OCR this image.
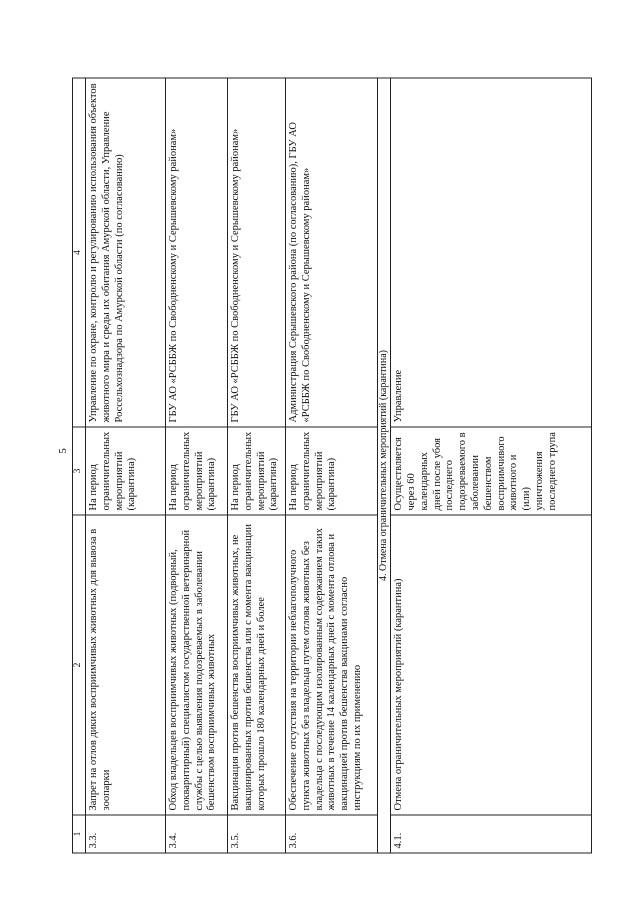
5
1	2	3	4
3.3.	Запрет на отлов диких восприимчивых животных для вывоза в зоопарки	На период ограничительных мероприятий (карантина)	Управление по охране, контролю и регулированию использования объектов животного мира и среды их обитания Амурской области, Управление Россельхознадзора по Амурской области (по согласованию)
3.4.	Обход владельцев восприимчивых животных (подворный, покварнтирный) специалистом государственной ветеринарной службы с целью выявления подозреваемых в заболевании бешенством восприимчивых животных	На период ограничительных мероприятий (карантина)	ГБУ АО «РСББЖ по Свободненскому и Серышевскому районам»
3.5.	Вакцинация против бешенства восприимчивых животных, не вакцинированных против бешенства или с момента вакцинации которых прошло 180 календарных дней и более	На период ограничительных мероприятий (карантина)	ГБУ АО «РСББЖ по Свободненскому и Серышевскому районам»
3.6.	Обеспечение отсутствия на территории неблагополучного пункта животных без владельца путем отлова животных без владельца с последующим изолированным содержанием таких животных в течение 14 календарных дней с момента отлова и вакцинацией против бешенства вакцинами согласно инструкциям по их применению	На период ограничительных мероприятий (карантина)	Администрация Серышевского района (по согласованию), ГБУ АО «РСББЖ по Свободненскому и Серышевскому районам»
4. Отмена ограничительных мероприятий (карантина)			
4.1.	Отмена ограничительных мероприятий (карантина)	Осуществляется через 60 календарных дней после убоя последнего подозреваемого в заболевании бешенством восприимчивого животного и (или) уничтожения последнего трупа	Управление
